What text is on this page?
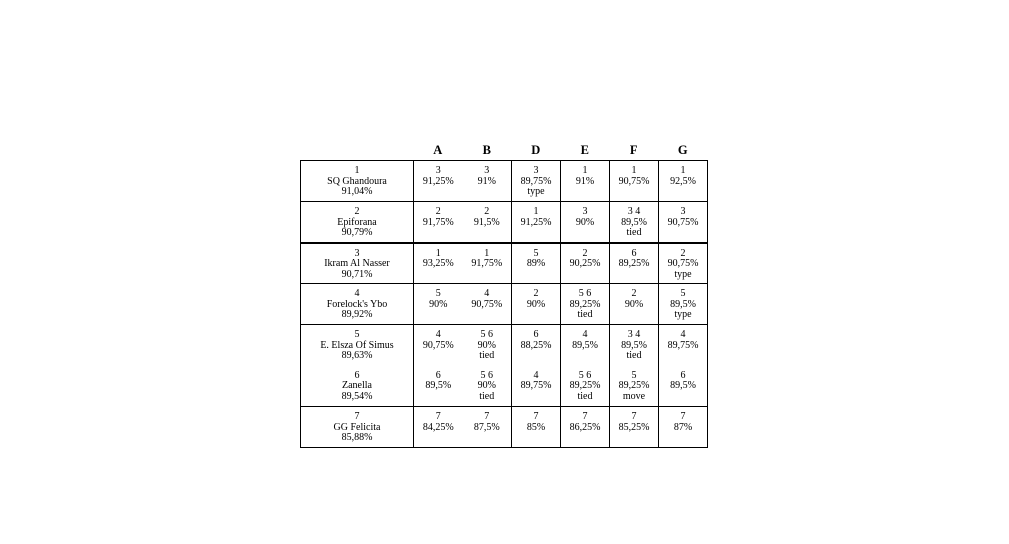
	A	B	D	E	F	G

1
SQ Ghandoura
91,04%	3
91,25%	3
91%	3
89,75%
type	1
91%	1
90,75%	1
92,5%

2
Epiforana
90,79%	2
91,75%	2
91,5%	1
91,25%	3
90%	3 4
89,5%
tied	3
90,75%

3
Ikram Al Nasser
90,71%	1
93,25%	1
91,75%	5
89%	2
90,25%	6
89,25%	2
90,75%
type

4
Forelock's Ybo
89,92%	5
90%	4
90,75%	2
90%	5 6
89,25%
tied	2
90%	5
89,5%
type

5
E. Elsza Of Simus
89,63%	4
90,75%	5 6
90%
tied	6
88,25%	4
89,5%	3 4
89,5%
tied	4
89,75%

6
Zanella
89,54%	6
89,5%	5 6
90%
tied	4
89,75%	5 6
89,25%
tied	5
89,25%
move	6
89,5%

7
GG Felicita
85,88%	7
84,25%	7
87,5%	7
85%	7
86,25%	7
85,25%	7
87%
